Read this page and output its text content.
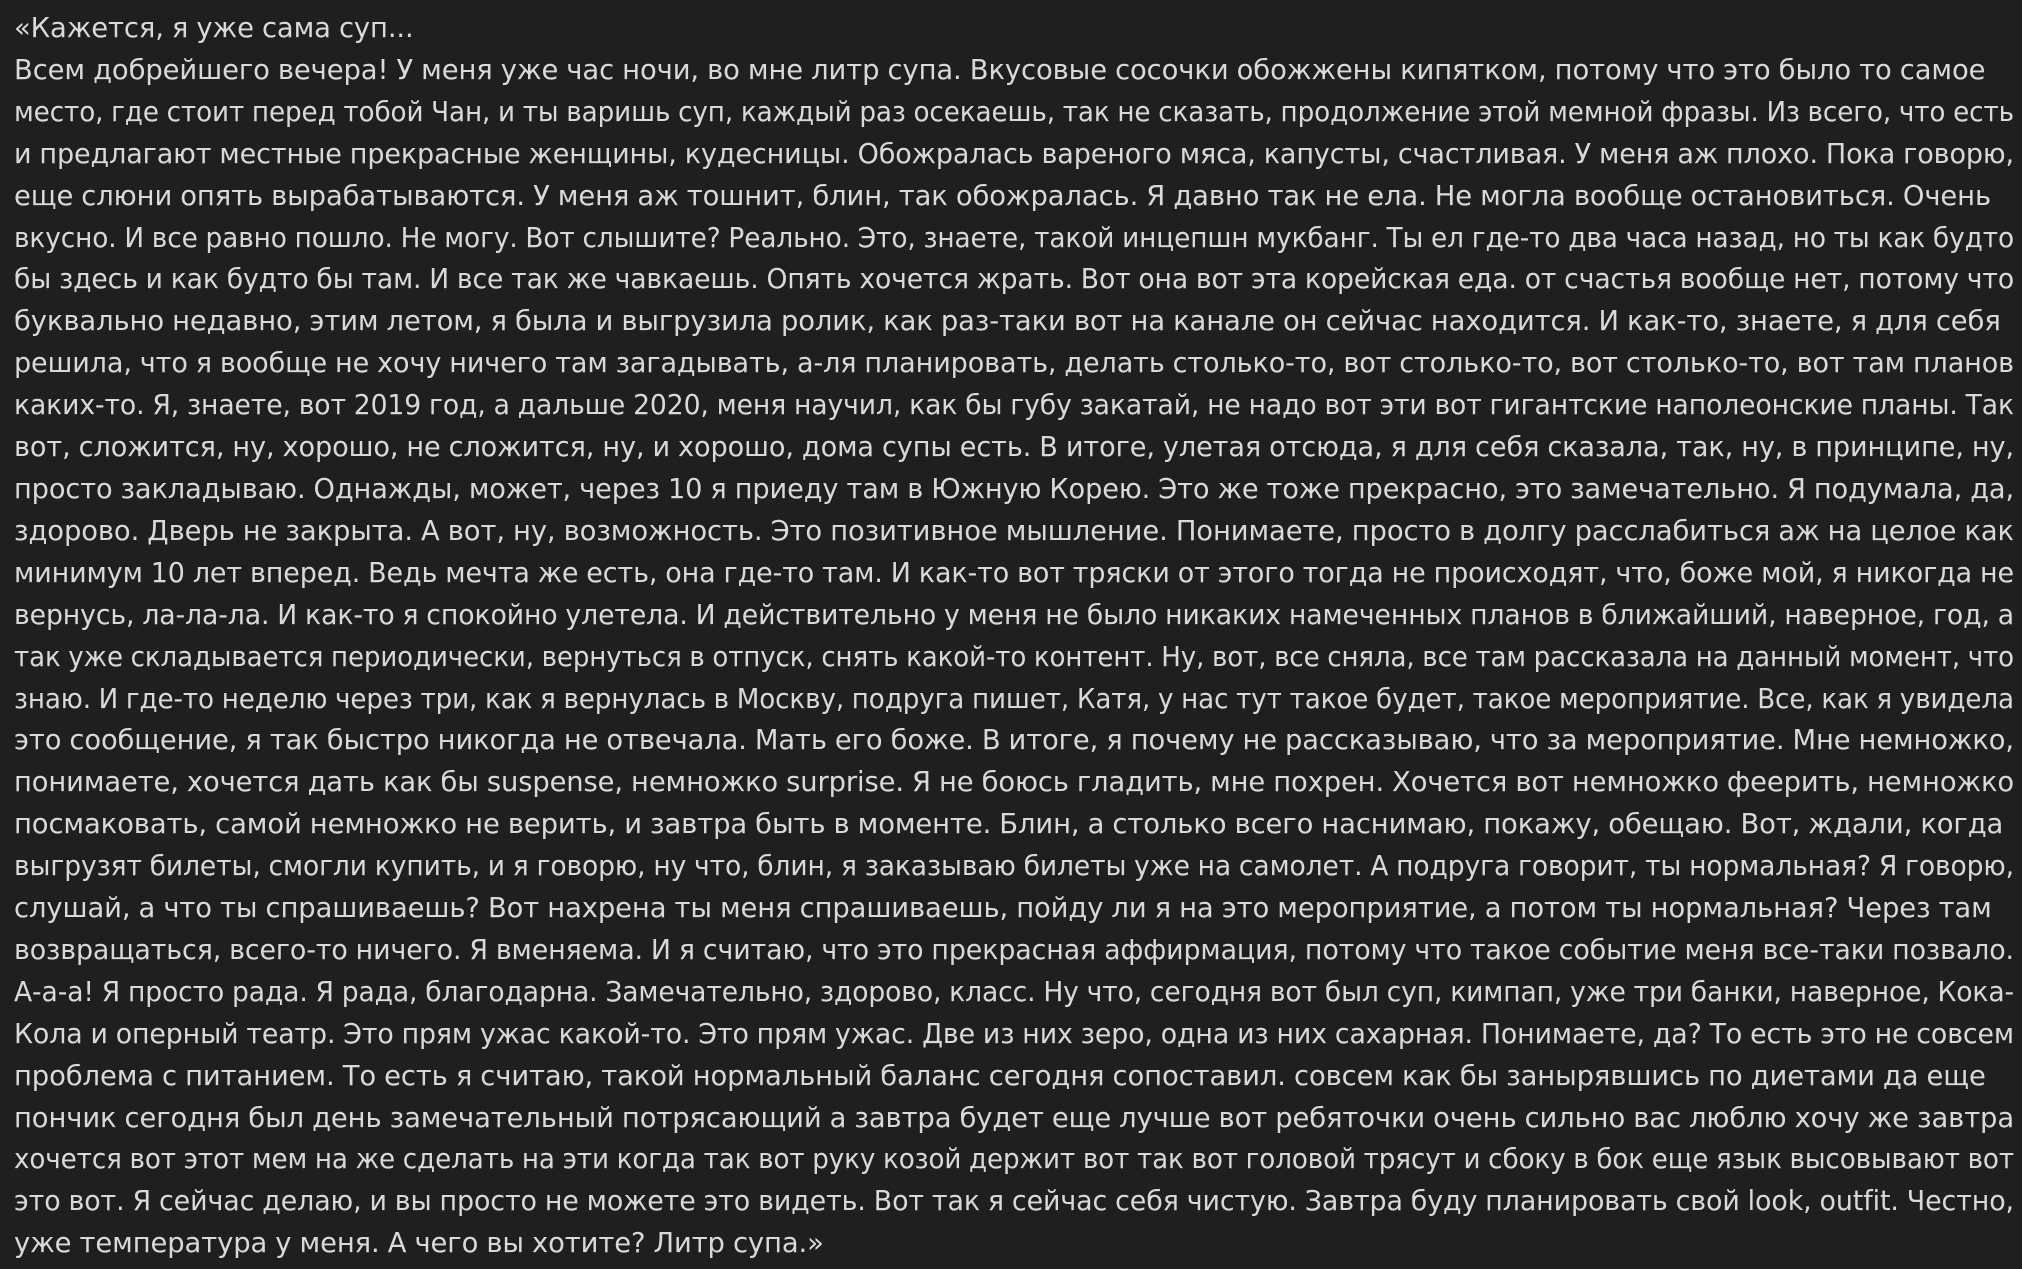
«Кажется, я уже сама суп...
Всем добрейшего вечера! У меня уже час ночи, во мне литр супа. Вкусовые сосочки обожжены кипятком, потому что это было то самое
место, где стоит перед тобой Чан, и ты варишь суп, каждый раз осекаешь, так не сказать, продолжение этой мемной фразы. Из всего, что есть
и предлагают местные прекрасные женщины, кудесницы. Обожралась вареного мяса, капусты, счастливая. У меня аж плохо. Пока говорю,
еще слюни опять вырабатываются. У меня аж тошнит, блин, так обожралась. Я давно так не ела. Не могла вообще остановиться. Очень
вкусно. И все равно пошло. Не могу. Вот слышите? Реально. Это, знаете, такой инцепшн мукбанг. Ты ел где-то два часа назад, но ты как будто
бы здесь и как будто бы там. И все так же чавкаешь. Опять хочется жрать. Вот она вот эта корейская еда. от счастья вообще нет, потому что
буквально недавно, этим летом, я была и выгрузила ролик, как раз-таки вот на канале он сейчас находится. И как-то, знаете, я для себя
решила, что я вообще не хочу ничего там загадывать, а-ля планировать, делать столько-то, вот столько-то, вот столько-то, вот там планов
каких-то. Я, знаете, вот 2019 год, а дальше 2020, меня научил, как бы губу закатай, не надо вот эти вот гигантские наполеонские планы. Так
вот, сложится, ну, хорошо, не сложится, ну, и хорошо, дома супы есть. В итоге, улетая отсюда, я для себя сказала, так, ну, в принципе, ну,
просто закладываю. Однажды, может, через 10 я приеду там в Южную Корею. Это же тоже прекрасно, это замечательно. Я подумала, да,
здорово. Дверь не закрыта. А вот, ну, возможность. Это позитивное мышление. Понимаете, просто в долгу расслабиться аж на целое как
минимум 10 лет вперед. Ведь мечта же есть, она где-то там. И как-то вот тряски от этого тогда не происходят, что, боже мой, я никогда не
вернусь, ла-ла-ла. И как-то я спокойно улетела. И действительно у меня не было никаких намеченных планов в ближайший, наверное, год, а
так уже складывается периодически, вернуться в отпуск, снять какой-то контент. Ну, вот, все сняла, все там рассказала на данный момент, что
знаю. И где-то неделю через три, как я вернулась в Москву, подруга пишет, Катя, у нас тут такое будет, такое мероприятие. Все, как я увидела
это сообщение, я так быстро никогда не отвечала. Мать его боже. В итоге, я почему не рассказываю, что за мероприятие. Мне немножко,
понимаете, хочется дать как бы suspense, немножко surprise. Я не боюсь гладить, мне похрен. Хочется вот немножко феерить, немножко
посмаковать, самой немножко не верить, и завтра быть в моменте. Блин, а столько всего наснимаю, покажу, обещаю. Вот, ждали, когда
выгрузят билеты, смогли купить, и я говорю, ну что, блин, я заказываю билеты уже на самолет. А подруга говорит, ты нормальная? Я говорю,
слушай, а что ты спрашиваешь? Вот нахрена ты меня спрашиваешь, пойду ли я на это мероприятие, а потом ты нормальная? Через там
возвращаться, всего-то ничего. Я вменяема. И я считаю, что это прекрасная аффирмация, потому что такое событие меня все-таки позвало.
А-а-а! Я просто рада. Я рада, благодарна. Замечательно, здорово, класс. Ну что, сегодня вот был суп, кимпап, уже три банки, наверное, Кока-
Кола и оперный театр. Это прям ужас какой-то. Это прям ужас. Две из них зеро, одна из них сахарная. Понимаете, да? То есть это не совсем
проблема с питанием. То есть я считаю, такой нормальный баланс сегодня сопоставил. совсем как бы занырявшись по диетами да еще
пончик сегодня был день замечательный потрясающий а завтра будет еще лучше вот ребяточки очень сильно вас люблю хочу же завтра
хочется вот этот мем на же сделать на эти когда так вот руку козой держит вот так вот головой трясут и сбоку в бок еще язык высовывают вот
это вот. Я сейчас делаю, и вы просто не можете это видеть. Вот так я сейчас себя чистую. Завтра буду планировать свой look, outfit. Честно,
уже температура у меня. А чего вы хотите? Литр супа.»
